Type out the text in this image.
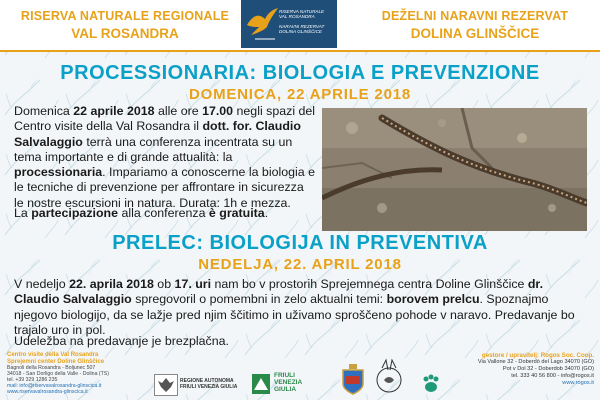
RISERVA NATURALE REGIONALE
VAL ROSANDRA
RISERVA NATURALE
VAL ROSANDRA
NARAVNI REZERVAT
DOLINA GLINŠČICE
DEŽELNI NARAVNI REZERVAT
DOLINA GLINŠČICE
PROCESSIONARIA: BIOLOGIA E PREVENZIONE
DOMENICA, 22 APRILE 2018
Domenica 22 aprile 2018 alle ore 17.00 negli spazi del Centro visite della Val Rosandra il dott. for. Claudio Salvalaggio terrà una conferenza incentrata su un tema importante e di grande attualità: la processionaria. Impariamo a conoscerne la biologia e le tecniche di prevenzione per affrontare in sicurezza le nostre escursioni in natura. Durata: 1h e mezza.
La partecipazione alla conferenza è gratuita.
PRELEC: BIOLOGIJA IN PREVENTIVA
NEDELJA, 22. APRIL 2018
V nedeljo 22. aprila 2018 ob 17. uri nam bo v prostorih Sprejemnega centra Doline Glinščice dr. Claudio Salvalaggio spregovoril o pomembni in zelo aktualni temi: borovem prelcu. Spoznajmo njegovo biologijo, da se lažje pred njim ščitimo in uživamo sproščeno pohode v naravo. Predavanje bo trajalo uro in pol.
Udeležba na predavanje je brezplačna.
Centro visite della Val Rosandra
Sprejemni center Doline Glinščice
Bagnoli della Rosandra - Boljunec 507
34018 - San Dorligo della Valle - Dolina (TS)
tel. +39 329 1286 235
mail: info@riservavalrosandra-glinscica.it
www.riservavalrosandra-glinscica.it
REGIONE AUTONOMA
FRIULI VENEZIA GIULIA
FRIULI
VENEZIA
GIULIA
gestore / upravitelj: Rogos Soc. Coop.
Via Vallone 32 - Doberdò del Lago 34070 (GO)
Pot v Dol 32 - Doberdob 34070 (GO)
tel. 333 40 56 800 - info@rogos.it
www.rogos.it
